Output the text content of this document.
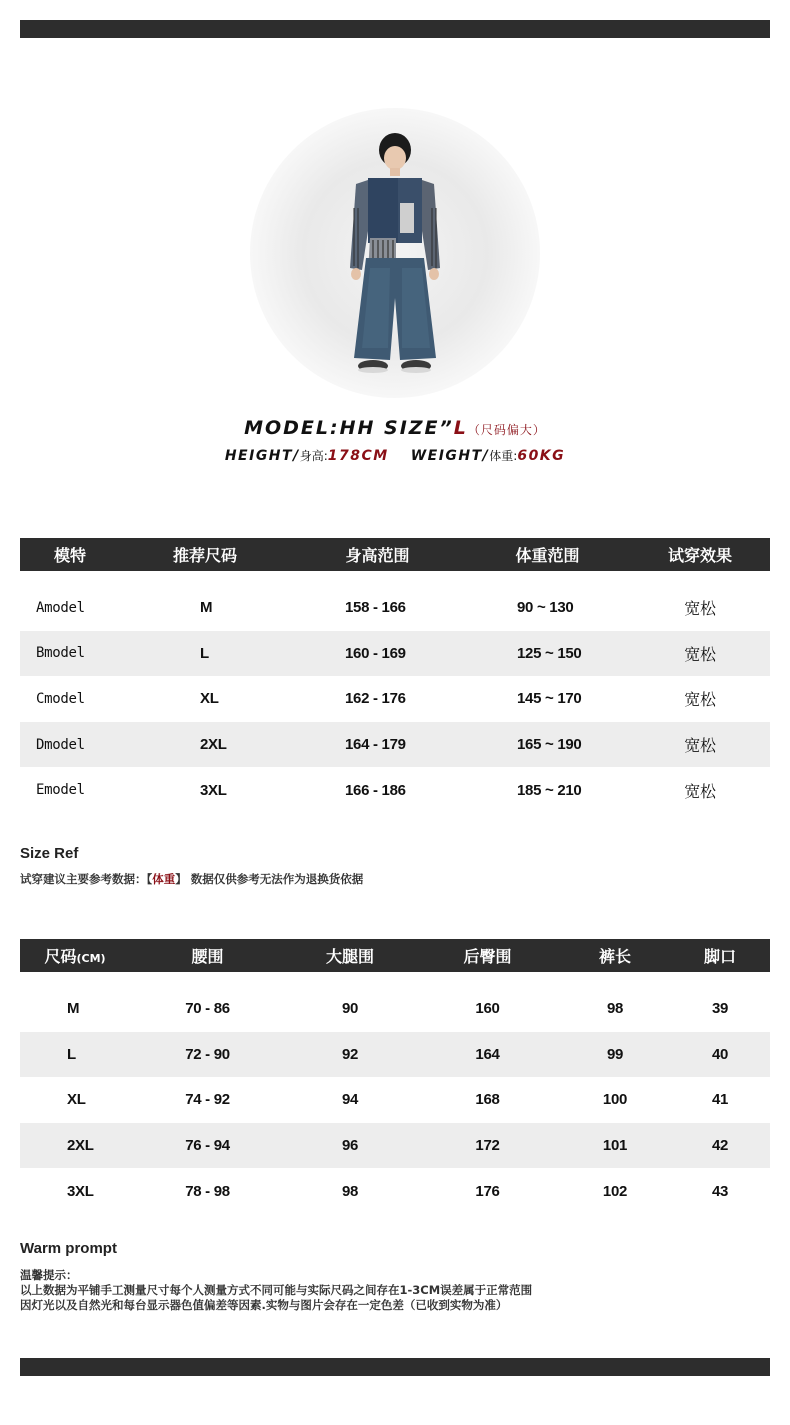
MODEL:HH SIZE”L（尺码偏大）
HEIGHT/身高:178CM WEIGHT/体重:60KG
模特	推荐尺码	身高范围	体重范围	试穿效果

Amodel	M	158 - 166	90 ~ 130	宽松
Bmodel	L	160 - 169	125 ~ 150	宽松
Cmodel	XL	162 - 176	145 ~ 170	宽松
Dmodel	2XL	164 - 179	165 ~ 190	宽松
Emodel	3XL	166 - 186	185 ~ 210	宽松
Size Ref
试穿建议主要参考数据：【体重】 数据仅供参考无法作为退换货依据
尺码(CM)	腰围	大腿围	后臀围	裤长	脚口

M	70 - 86	90	160	98	39
L	72 - 90	92	164	99	40
XL	74 - 92	94	168	100	41
2XL	76 - 94	96	172	101	42
3XL	78 - 98	98	176	102	43
Warm prompt
温馨提示：
以上数据为平铺手工测量尺寸每个人测量方式不同可能与实际尺码之间存在1-3CM误差属于正常范围
因灯光以及自然光和每台显示器色值偏差等因素.实物与图片会存在一定色差（已收到实物为准）
